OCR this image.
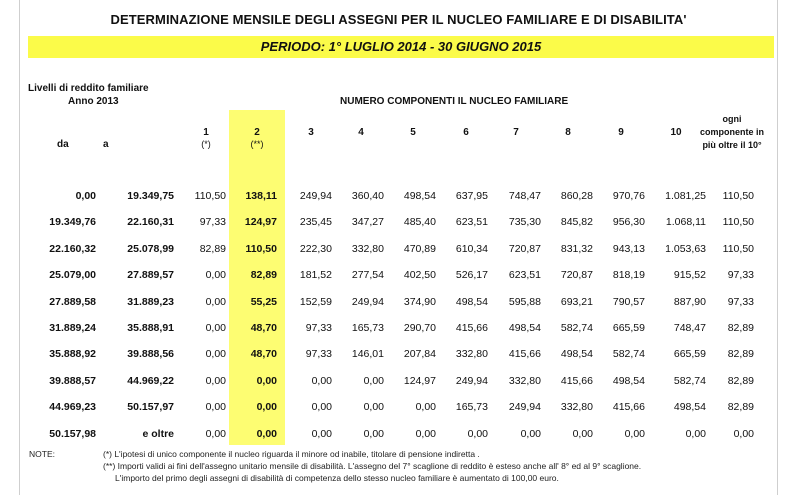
DETERMINAZIONE MENSILE DEGLI ASSEGNI PER IL NUCLEO FAMILIARE E DI DISABILITA'
PERIODO: 1° LUGLIO 2014 - 30 GIUGNO 2015
Livelli di reddito familiare
Anno 2013	NUMERO COMPONENTI IL NUCLEO FAMILIARE
da	a
1
(*)
2
(**)
3	4	5	6	7	8	9	10
ogni
componente in
più oltre il 10°
0,00	19.349,75 110,50 138,11 249,94 360,40 498,54 637,95 748,47 860,28 970,76 1.081,25 110,50
19.349,76	22.160,31 97,33 124,97 235,45 347,27 485,40 623,51 735,30 845,82 956,30 1.068,11 110,50
22.160,32	25.078,99 82,89 110,50 222,30 332,80 470,89 610,34 720,87 831,32 943,13 1.053,63 110,50
25.079,00	27.889,57	0,00 82,89 181,52 277,54 402,50 526,17 623,51 720,87 818,19	915,52 97,33
27.889,58	31.889,23	0,00 55,25 152,59 249,94 374,90 498,54 595,88 693,21 790,57	887,90 97,33
31.889,24	35.888,91	0,00 48,70	97,33 165,73 290,70 415,66 498,54 582,74 665,59	748,47 82,89
35.888,92	39.888,56	0,00 48,70	97,33 146,01 207,84 332,80 415,66 498,54 582,74	665,59 82,89
39.888,57	44.969,22	0,00	0,00	0,00	0,00 124,97 249,94 332,80 415,66 498,54	582,74 82,89
44.969,23	50.157,97	0,00	0,00	0,00	0,00	0,00 165,73 249,94 332,80 415,66	498,54 82,89
50.157,98	e oltre	0,00	0,00	0,00	0,00	0,00	0,00	0,00	0,00	0,00	0,00	0,00
NOTE:	(*) L'ipotesi di unico componente il nucleo riguarda il minore od inabile, titolare di pensione indiretta .
(**) Importi validi ai fini dell'assegno unitario mensile di disabilità. L'assegno del 7° scaglione di reddito è esteso anche all' 8° ed al 9° scaglione.
L'importo del primo degli assegni di disabilità di competenza dello stesso nucleo familiare è aumentato di 100,00 euro.
